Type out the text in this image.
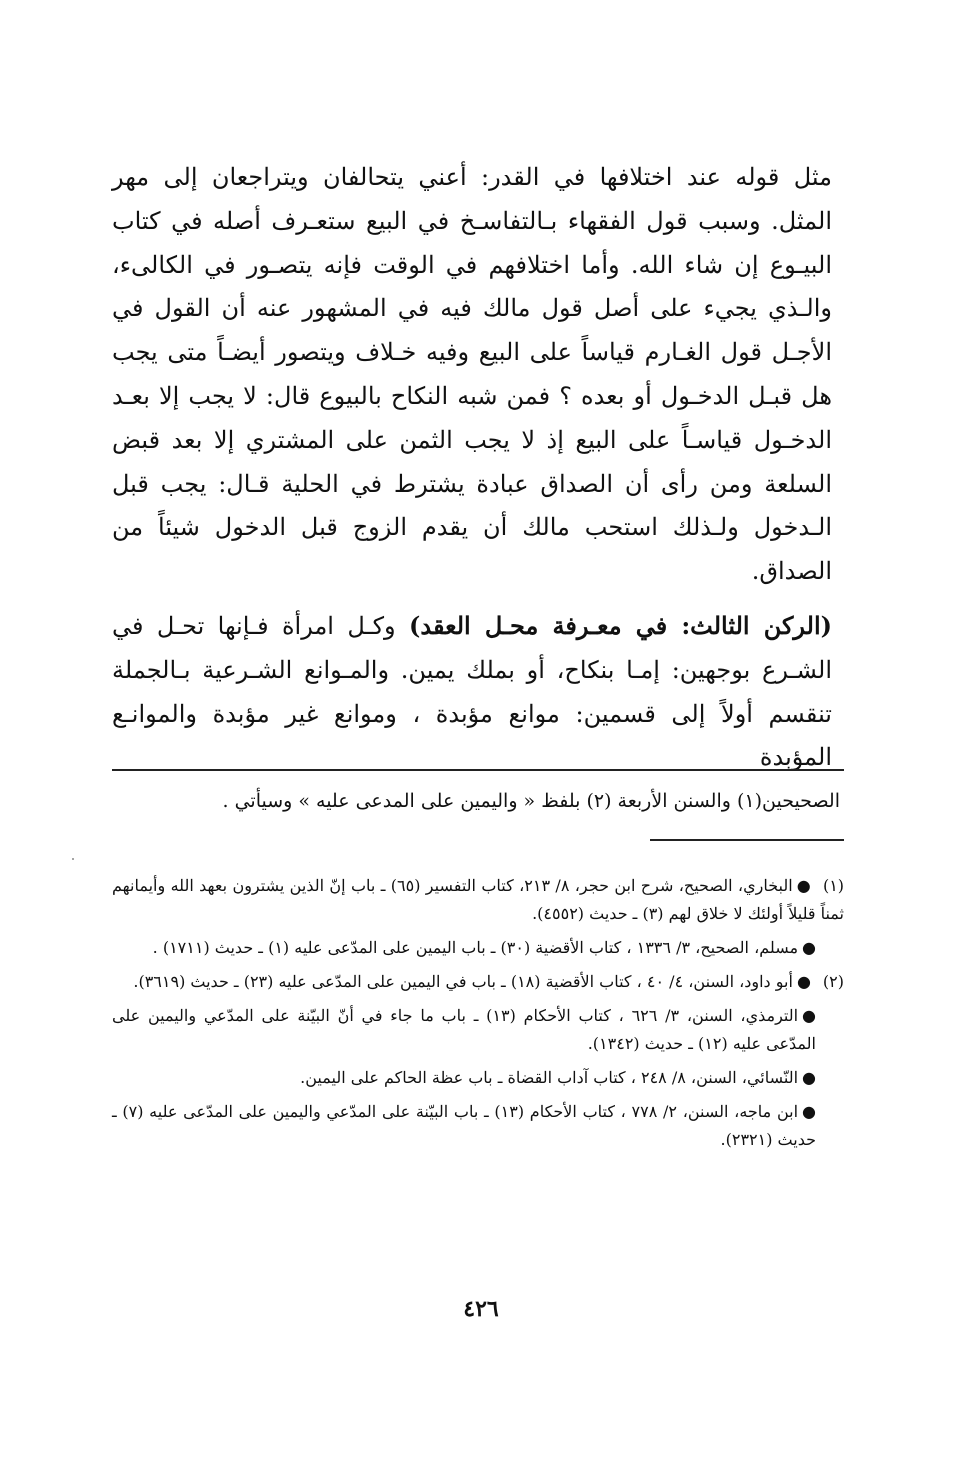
مثل قوله عند اختلافها في القدر: أعني يتحالفان ويتراجعان إلى مهر المثل. وسبب قول الفقهاء بـالتفاسـخ في البيع ستعـرف أصله في كتاب البيـوع إن شاء الله. وأما اختلافهم في الوقت فإنه يتصـور في الكالىء، والـذي يجيء على أصل قول مالك فيه في المشهور عنه أن القول في الأجـل قول الغـارم قياساً على البيع وفيه خـلاف ويتصور أيضـاً متى يجب هل قبـل الدخـول أو بعده ؟ فمن شبه النكاح بالبيوع قال: لا يجب إلا بعـد الدخـول قياسـاً على البيع إذ لا يجب الثمن على المشتري إلا بعد قبض السلعة ومن رأى أن الصداق عبادة يشترط في الحلية قـال: يجب قبل الـدخول ولـذلك استحب مالك أن يقدم الزوج قبل الدخول شيئاً من الصداق.

(الركن الثالث: في معـرفة محـل العقد) وكـل امرأة فـإنها تحـل في الشـرع بوجهين: إمـا بنكاح، أو بملك يمين. والمـوانع الشـرعية بـالجملة تنقسم أولاً إلى قسمين: موانع مؤبدة ، وموانع غير مؤبدة والموانـع المؤبدة

الصحيحين(١) والسنن الأربعة (٢) بلفظ « واليمين على المدعى عليه » وسيأتي .

(١) ●البخاري، الصحيح، شرح ابن حجر، ٨/ ٢١٣، كتاب التفسير (٦٥) ـ باب إنّ الذين يشترون بعهد الله وأيمانهم ثمناً قليلاً أولئك لا خلاق لهم (٣) ـ حديث (٤٥٥٢).

●مسلم، الصحيح، ٣/ ١٣٣٦ ، كتاب الأقضية (٣٠) ـ باب اليمين على المدّعى عليه (١) ـ حديث (١٧١١) .

(٢) ●أبو داود، السنن، ٤/ ٤٠ ، كتاب الأقضية (١٨) ـ باب في اليمين على المدّعى عليه (٢٣) ـ حديث (٣٦١٩).

●الترمذي، السنن، ٣/ ٦٢٦ ، كتاب الأحكام (١٣) ـ باب ما جاء في أنّ البيّنة على المدّعي واليمين على المدّعى عليه (١٢) ـ حديث (١٣٤٢).

●النّسائي، السنن، ٨/ ٢٤٨ ، كتاب آداب القضاة ـ باب عظة الحاكم على اليمين.

●ابن ماجه، السنن، ٢/ ٧٧٨ ، كتاب الأحكام (١٣) ـ باب البيّنة على المدّعي واليمين على المدّعى عليه (٧) ـ حديث (٢٣٢١).

٤٢٦
